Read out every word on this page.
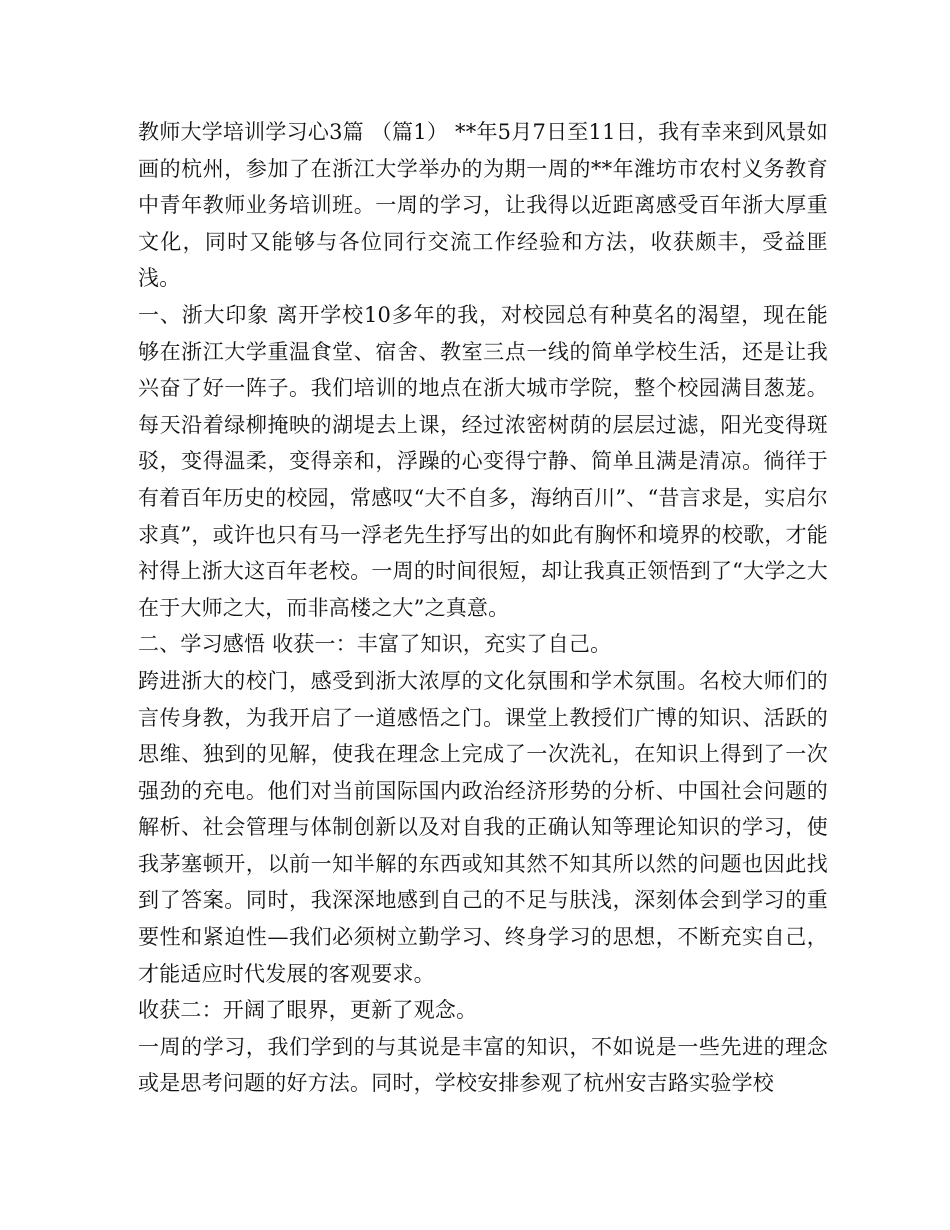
教师大学培训学习心3篇 （篇1） **年5月7日至11日，我有幸来到风景如画的杭州，参加了在浙江大学举办的为期一周的**年潍坊市农村义务教育中青年教师业务培训班。一周的学习，让我得以近距离感受百年浙大厚重文化，同时又能够与各位同行交流工作经验和方法，收获颇丰，受益匪浅。

一、浙大印象 离开学校10多年的我，对校园总有种莫名的渴望，现在能够在浙江大学重温食堂、宿舍、教室三点一线的简单学校生活，还是让我兴奋了好一阵子。我们培训的地点在浙大城市学院，整个校园满目葱茏。每天沿着绿柳掩映的湖堤去上课，经过浓密树荫的层层过滤，阳光变得斑驳，变得温柔，变得亲和，浮躁的心变得宁静、简单且满是清凉。徜徉于有着百年历史的校园，常感叹“大不自多，海纳百川”、“昔言求是，实启尔求真”，或许也只有马一浮老先生抒写出的如此有胸怀和境界的校歌，才能衬得上浙大这百年老校。一周的时间很短，却让我真正领悟到了“大学之大在于大师之大，而非高楼之大”之真意。

二、学习感悟 收获一：丰富了知识，充实了自己。

跨进浙大的校门，感受到浙大浓厚的文化氛围和学术氛围。名校大师们的言传身教，为我开启了一道感悟之门。课堂上教授们广博的知识、活跃的思维、独到的见解，使我在理念上完成了一次洗礼，在知识上得到了一次强劲的充电。他们对当前国际国内政治经济形势的分析、中国社会问题的解析、社会管理与体制创新以及对自我的正确认知等理论知识的学习，使我茅塞顿开，以前一知半解的东西或知其然不知其所以然的问题也因此找到了答案。同时，我深深地感到自己的不足与肤浅，深刻体会到学习的重要性和紧迫性—我们必须树立勤学习、终身学习的思想，不断充实自己，才能适应时代发展的客观要求。

收获二：开阔了眼界，更新了观念。

一周的学习，我们学到的与其说是丰富的知识，不如说是一些先进的理念或是思考问题的好方法。同时，学校安排参观了杭州安吉路实验学校
